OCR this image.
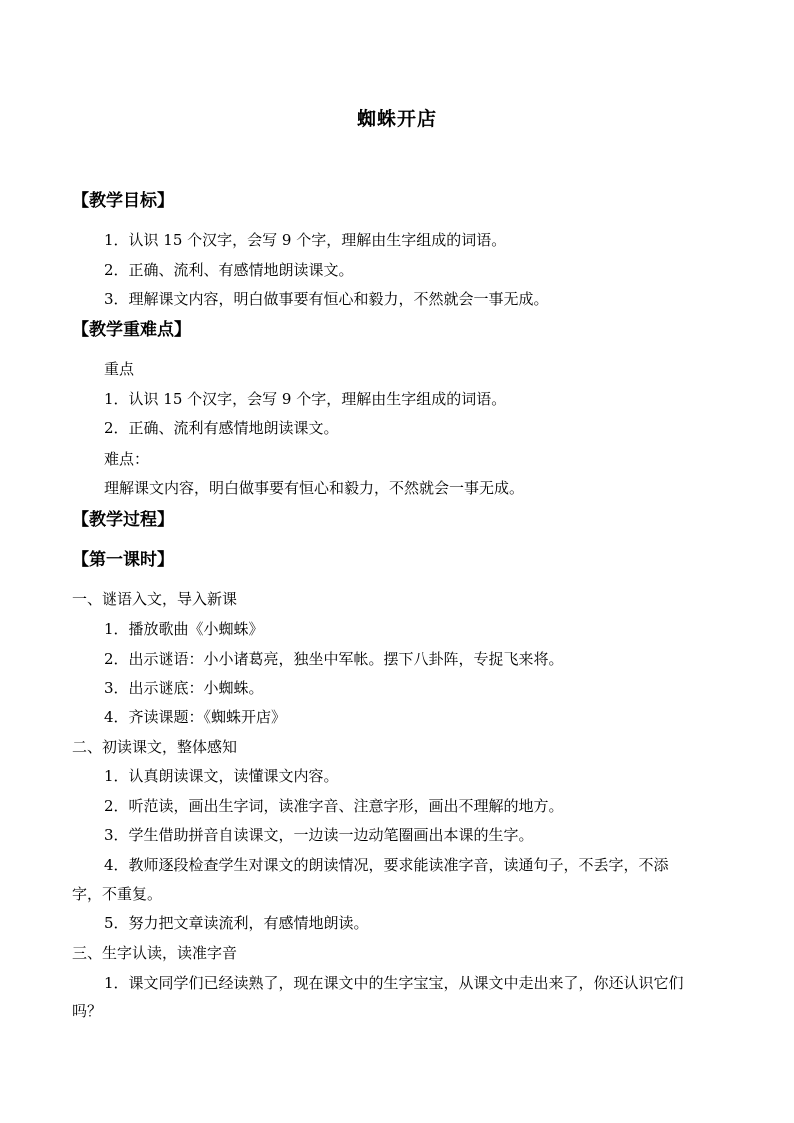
蜘蛛开店
【教学目标】
1．认识 15 个汉字，会写 9 个字，理解由生字组成的词语。
2．正确、流利、有感情地朗读课文。
3．理解课文内容，明白做事要有恒心和毅力，不然就会一事无成。
【教学重难点】
重点
1．认识 15 个汉字，会写 9 个字，理解由生字组成的词语。
2．正确、流利有感情地朗读课文。
难点：
理解课文内容，明白做事要有恒心和毅力，不然就会一事无成。
【教学过程】
【第一课时】
一、谜语入文，导入新课
1．播放歌曲《小蜘蛛》
2．出示谜语：小小诸葛亮，独坐中军帐。摆下八卦阵，专捉飞来将。
3．出示谜底：小蜘蛛。
4．齐读课题：《蜘蛛开店》
二、初读课文，整体感知
1．认真朗读课文，读懂课文内容。
2．听范读，画出生字词，读准字音、注意字形，画出不理解的地方。
3．学生借助拼音自读课文，一边读一边动笔圈画出本课的生字。
4．教师逐段检查学生对课文的朗读情况，要求能读准字音，读通句子，不丢字，不添
字，不重复。
5．努力把文章读流利，有感情地朗读。
三、生字认读，读准字音
1．课文同学们已经读熟了，现在课文中的生字宝宝，从课文中走出来了，你还认识它们
吗？
